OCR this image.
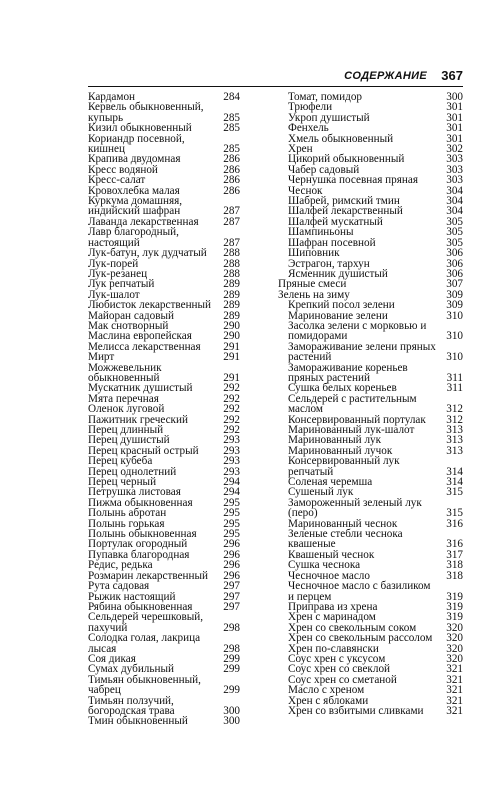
СОДЕРЖАНИЕ 367
Кардамон	284
Кервель обыкновенный, купырь	285
Кизил обыкновенный	285
Кориандр посевной, кишнец	285
Крапива двудомная	286
Кресс водяной	286
Кресс-салат	286
Кровохлебка малая	286
Куркума домашняя, индийский шафран	287
Лаванда лекарственная	287
Лавр благородный, настоящий	287
Лук-батун, лук дудчатый	288
Лук-порей	288
Лук-резанец	288
Лук репчатый	289
Лук-шалот	289
Любисток лекарственный	289
Майоран садовый	289
Мак снотворный	290
Маслина европейская	290
Мелисса лекарственная	291
Мирт	291
Можжевельник обыкновенный	291
Мускатник душистый	292
Мята перечная	292
Оленок луговой	292
Пажитник греческий	292
Перец длинный	292
Перец душистый	293
Перец красный острый	293
Перец кубеба	293
Перец однолетний	293
Перец черный	294
Петрушка листовая	294
Пижма обыкновенная	295
Полынь абротан	295
Полынь горькая	295
Полынь обыкновенная	295
Портулак огородный	296
Пупавка благородная	296
Редис, редька	296
Розмарин лекарственный	296
Рута садовая	297
Рыжик настоящий	297
Рябина обыкновенная	297
Сельдерей черешковый, пахучий	298
Солодка голая, лакрица лысая	298
Соя дикая	299
Сумах дубильный	299
Тимьян обыкновенный, чабрец	299
Тимьян ползучий, богородская трава	300
Тмин обыкновенный	300
Томат, помидор	300
Трюфели	301
Укроп душистый	301
Фенхель	301
Хмель обыкновенный	301
Хрен	302
Цикорий обыкновенный	303
Чабер садовый	303
Чернушка посевная пряная	303
Чеснок	304
Шабрей, римский тмин	304
Шалфей лекарственный	304
Шалфей мускатный	305
Шампиньоны	305
Шафран посевной	305
Шиповник	306
Эстрагон, тархун	306
Ясменник душистый	306
Пряные смеси	307
Зелень на зиму	309
Крепкий посол зелени	309
Маринование зелени	310
Засолка зелени с морковью и помидорами	310
Замораживание зелени пряных растений	310
Замораживание кореньев пряных растений	311
Сушка белых кореньев	311
Сельдерей с растительным маслом	312
Консервированный портулак	312
Маринованный лук-шалот	313
Маринованный лук	313
Маринованный лучок	313
Консервированный лук репчатый	314
Соленая черемша	314
Сушеный лук	315
Замороженный зеленый лук (перо)	315
Маринованный чеснок	316
Зеленые стебли чеснока квашеные	316
Квашеный чеснок	317
Сушка чеснока	318
Чесночное масло	318
Чесночное масло с базиликом и перцем	319
Приправа из хрена	319
Хрен с маринадом	319
Хрен со свекольным соком	320
Хрен со свекольным рассолом	320
Хрен по-славянски	320
Соус хрен с уксусом	320
Соус хрен со свеклой	321
Соус хрен со сметаной	321
Масло с хреном	321
Хрен с яблоками	321
Хрен со взбитыми сливками	321
